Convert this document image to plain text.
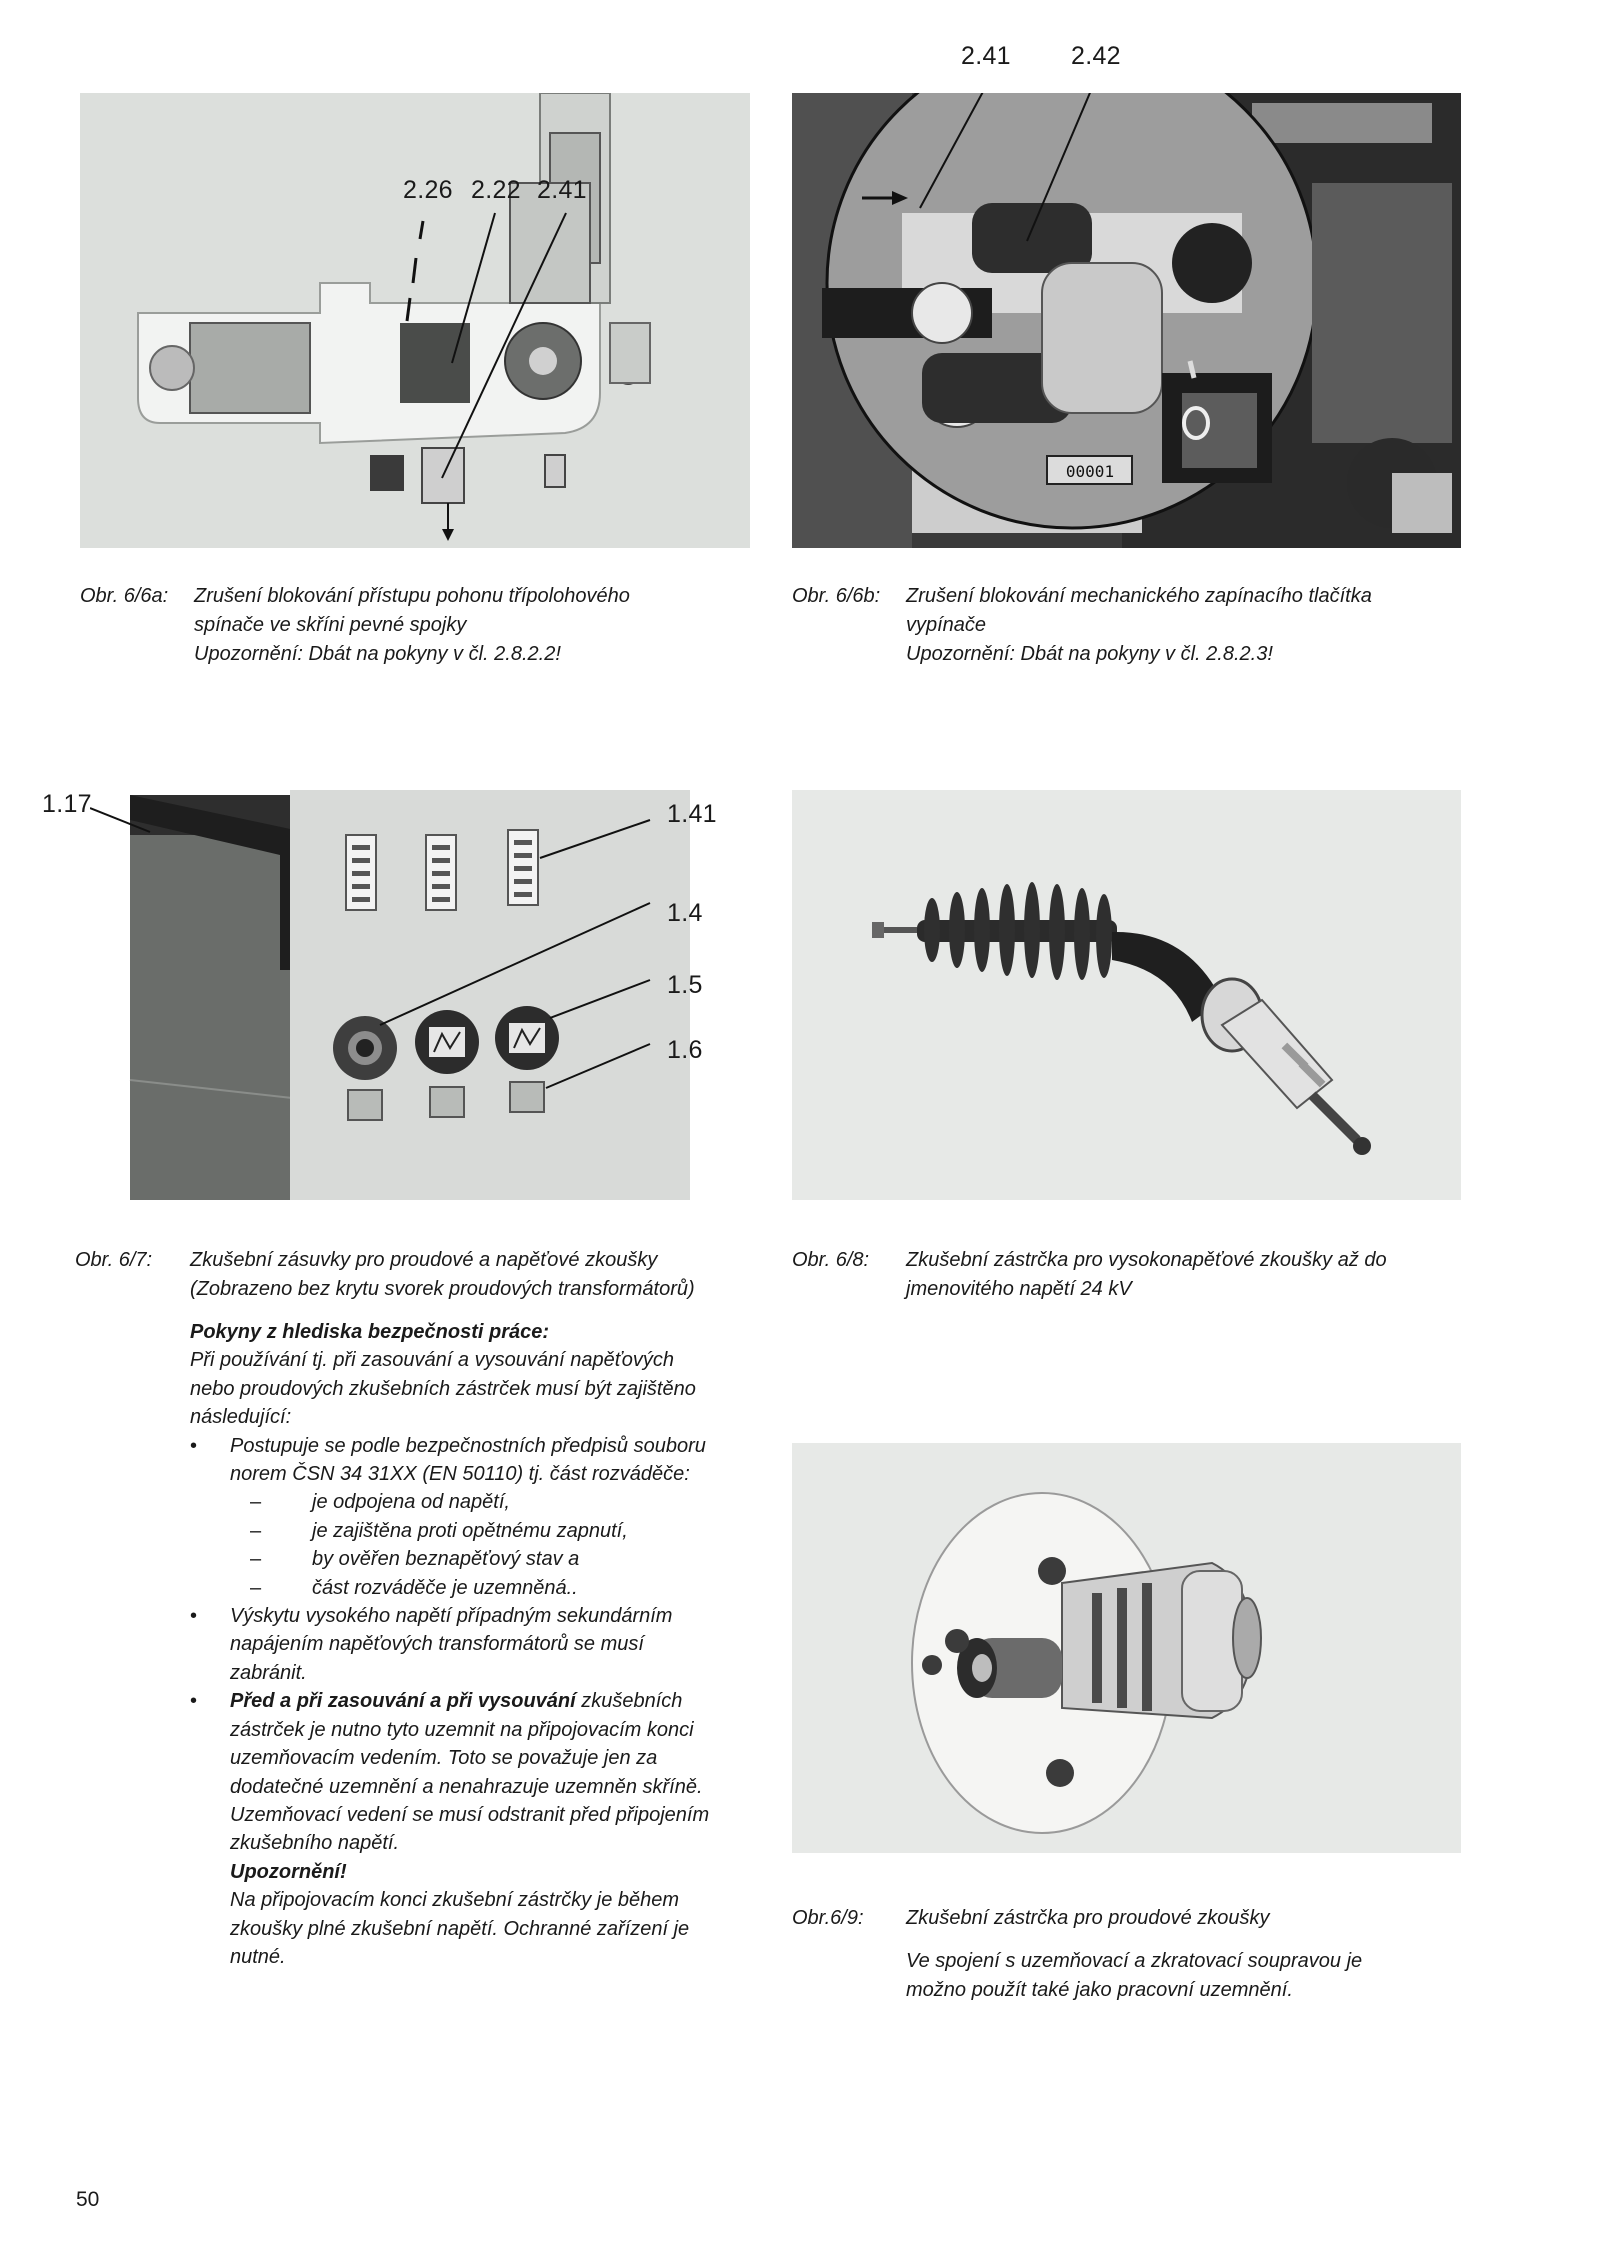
2.26 2.22 2.41
00001
2.41 2.42
Obr. 6/6a: Zrušení blokování přístupu pohonu třípolohového
spínače ve skříni pevné spojky
Upozornění: Dbát na pokyny v čl. 2.8.2.2!
Obr. 6/6b: Zrušení blokování mechanického zapínacího tlačítka
vypínače
Upozornění: Dbát na pokyny v čl. 2.8.2.3!
1.17	1.41
1.4
1.5
1.6
Obr. 6/7: Zkušební zásuvky pro proudové a napěťové zkoušky
(Zobrazeno bez krytu svorek proudových transformátorů)
Obr. 6/8: Zkušební zástrčka pro vysokonapěťové zkoušky až do
jmenovitého napětí 24 kV
Pokyny z hlediska bezpečnosti práce:
Při používání tj. při zasouvání a vysouvání napěťových
nebo proudových zkušebních zástrček musí být zajištěno
následující:
• Postupuje se podle bezpečnostních předpisů souboru
norem ČSN 34 31XX (EN 50110) tj. část rozváděče:
– je odpojena od napětí,
– je zajištěna proti opětnému zapnutí,
– by ověřen beznapěťový stav a
– část rozváděče je uzemněná..
• Výskytu vysokého napětí případným sekundárním
napájením napěťových transformátorů se musí
zabránit.
• Před a při zasouvání a při vysouvání zkušebních
zástrček je nutno tyto uzemnit na připojovacím konci
uzemňovacím vedením. Toto se považuje jen za
dodatečné uzemnění a nenahrazuje uzemněn skříně.
Uzemňovací vedení se musí odstranit před připojením
zkušebního napětí.
Upozornění!
Na připojovacím konci zkušební zástrčky je během
zkoušky plné zkušební napětí. Ochranné zařízení je
nutné.
Obr.6/9: Zkušební zástrčka pro proudové zkoušky
Ve spojení s uzemňovací a zkratovací soupravou je
možno použít také jako pracovní uzemnění.
50
